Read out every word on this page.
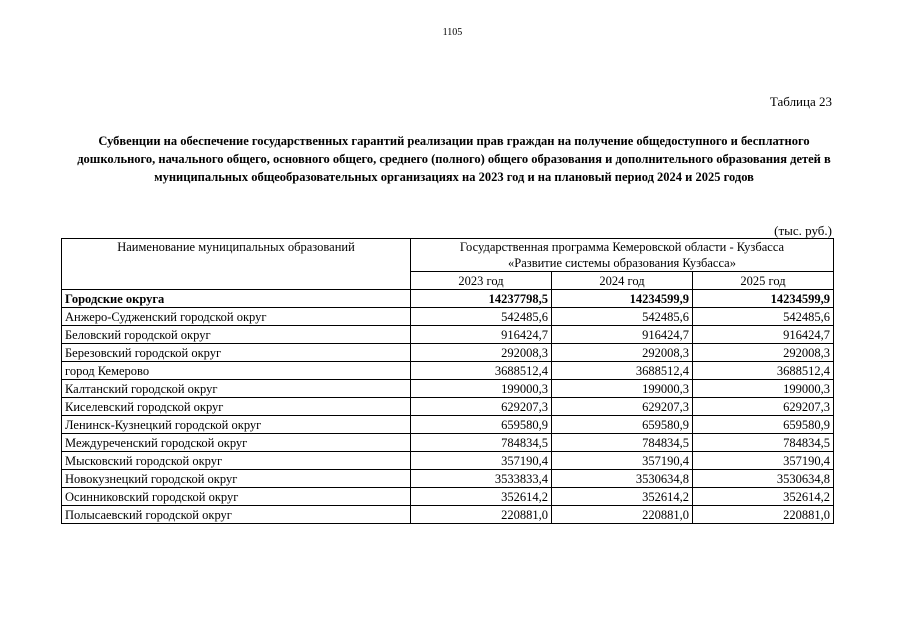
1105
Таблица 23
Субвенции на обеспечение государственных гарантий реализации прав граждан на получение общедоступного и бесплатного дошкольного, начального общего, основного общего, среднего (полного) общего образования и дополнительного образования детей в муниципальных общеобразовательных организациях на 2023 год и на плановый период 2024 и 2025 годов
(тыс. руб.)
Наименование муниципальных образований	Государственная программа Кемеровской области - Кузбасса
«Развитие системы образования Кузбасса»		

	2023 год	2024 год	2025 год
Городские округа	14237798,5	14234599,9	14234599,9
Анжеро-Судженский городской округ	542485,6	542485,6	542485,6
Беловский городской округ	916424,7	916424,7	916424,7
Березовский городской округ	292008,3	292008,3	292008,3
город Кемерово	3688512,4	3688512,4	3688512,4
Калтанский городской округ	199000,3	199000,3	199000,3
Киселевский городской округ	629207,3	629207,3	629207,3
Ленинск-Кузнецкий городской округ	659580,9	659580,9	659580,9
Междуреченский городской округ	784834,5	784834,5	784834,5
Мысковский городской округ	357190,4	357190,4	357190,4
Новокузнецкий городской округ	3533833,4	3530634,8	3530634,8
Осинниковский городской округ	352614,2	352614,2	352614,2
Полысаевский городской округ	220881,0	220881,0	220881,0
